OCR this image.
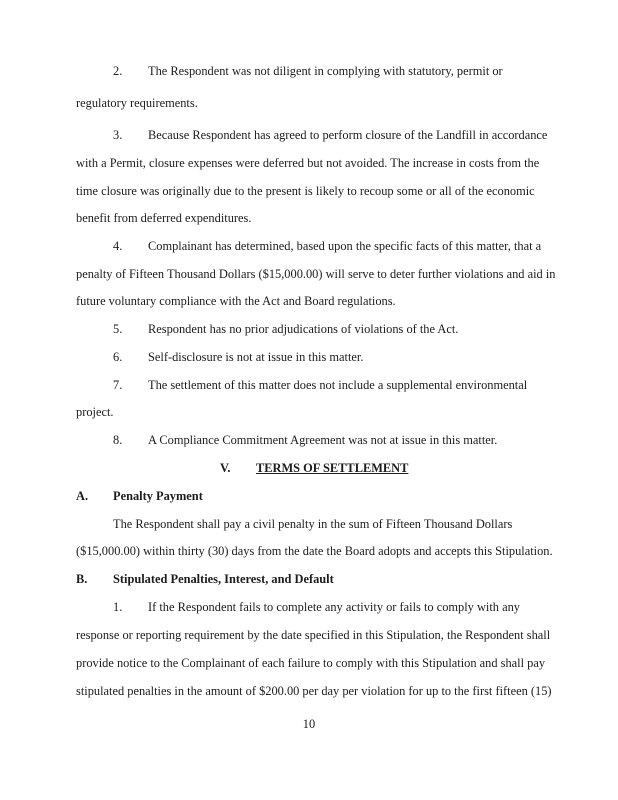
2. The Respondent was not diligent in complying with statutory, permit or
regulatory requirements.
3. Because Respondent has agreed to perform closure of the Landfill in accordance
with a Permit, closure expenses were deferred but not avoided. The increase in costs from the
time closure was originally due to the present is likely to recoup some or all of the economic
benefit from deferred expenditures.
4. Complainant has determined, based upon the specific facts of this matter, that a
penalty of Fifteen Thousand Dollars ($15,000.00) will serve to deter further violations and aid in
future voluntary compliance with the Act and Board regulations.
5. Respondent has no prior adjudications of violations of the Act.
6. Self-disclosure is not at issue in this matter.
7. The settlement of this matter does not include a supplemental environmental
project.
8. A Compliance Commitment Agreement was not at issue in this matter.
V. TERMS OF SETTLEMENT
A. Penalty Payment
The Respondent shall pay a civil penalty in the sum of Fifteen Thousand Dollars
($15,000.00) within thirty (30) days from the date the Board adopts and accepts this Stipulation.
B. Stipulated Penalties, Interest, and Default
1. If the Respondent fails to complete any activity or fails to comply with any
response or reporting requirement by the date specified in this Stipulation, the Respondent shall
provide notice to the Complainant of each failure to comply with this Stipulation and shall pay
stipulated penalties in the amount of $200.00 per day per violation for up to the first fifteen (15)
10
